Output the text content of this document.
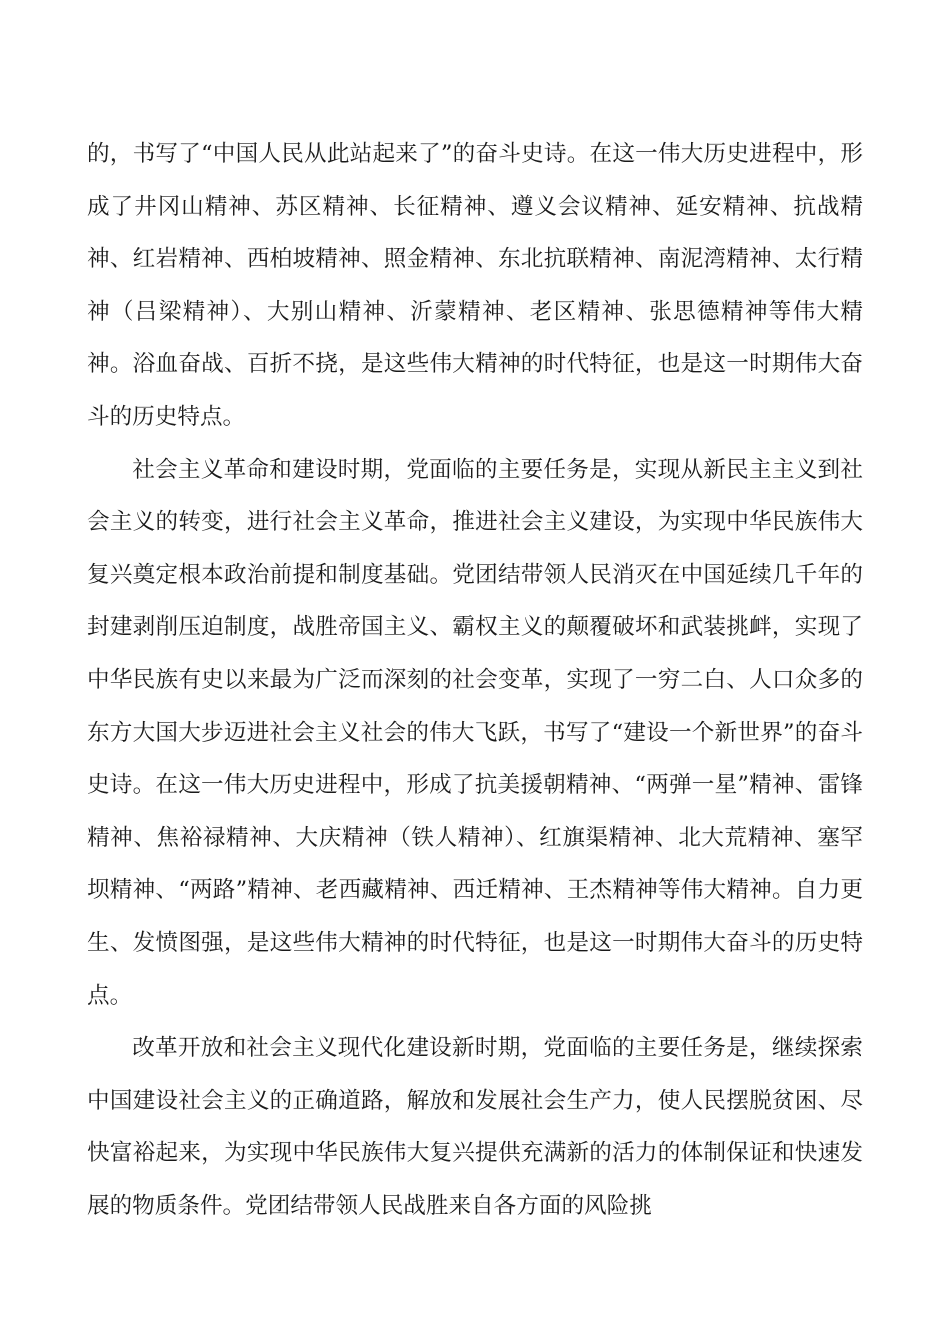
的，书写了“中国人民从此站起来了”的奋斗史诗。在这一伟大历史进程中，形成了井冈山精神、苏区精神、长征精神、遵义会议精神、延安精神、抗战精神、红岩精神、西柏坡精神、照金精神、东北抗联精神、南泥湾精神、太行精神（吕梁精神）、大别山精神、沂蒙精神、老区精神、张思德精神等伟大精神。浴血奋战、百折不挠，是这些伟大精神的时代特征，也是这一时期伟大奋斗的历史特点。

社会主义革命和建设时期，党面临的主要任务是，实现从新民主主义到社会主义的转变，进行社会主义革命，推进社会主义建设，为实现中华民族伟大复兴奠定根本政治前提和制度基础。党团结带领人民消灭在中国延续几千年的封建剥削压迫制度，战胜帝国主义、霸权主义的颠覆破坏和武装挑衅，实现了中华民族有史以来最为广泛而深刻的社会变革，实现了一穷二白、人口众多的东方大国大步迈进社会主义社会的伟大飞跃，书写了“建设一个新世界”的奋斗史诗。在这一伟大历史进程中，形成了抗美援朝精神、“两弹一星”精神、雷锋精神、焦裕禄精神、大庆精神（铁人精神）、红旗渠精神、北大荒精神、塞罕坝精神、“两路”精神、老西藏精神、西迁精神、王杰精神等伟大精神。自力更生、发愤图强，是这些伟大精神的时代特征，也是这一时期伟大奋斗的历史特点。

改革开放和社会主义现代化建设新时期，党面临的主要任务是，继续探索中国建设社会主义的正确道路，解放和发展社会生产力，使人民摆脱贫困、尽快富裕起来，为实现中华民族伟大复兴提供充满新的活力的体制保证和快速发展的物质条件。党团结带领人民战胜来自各方面的风险挑
